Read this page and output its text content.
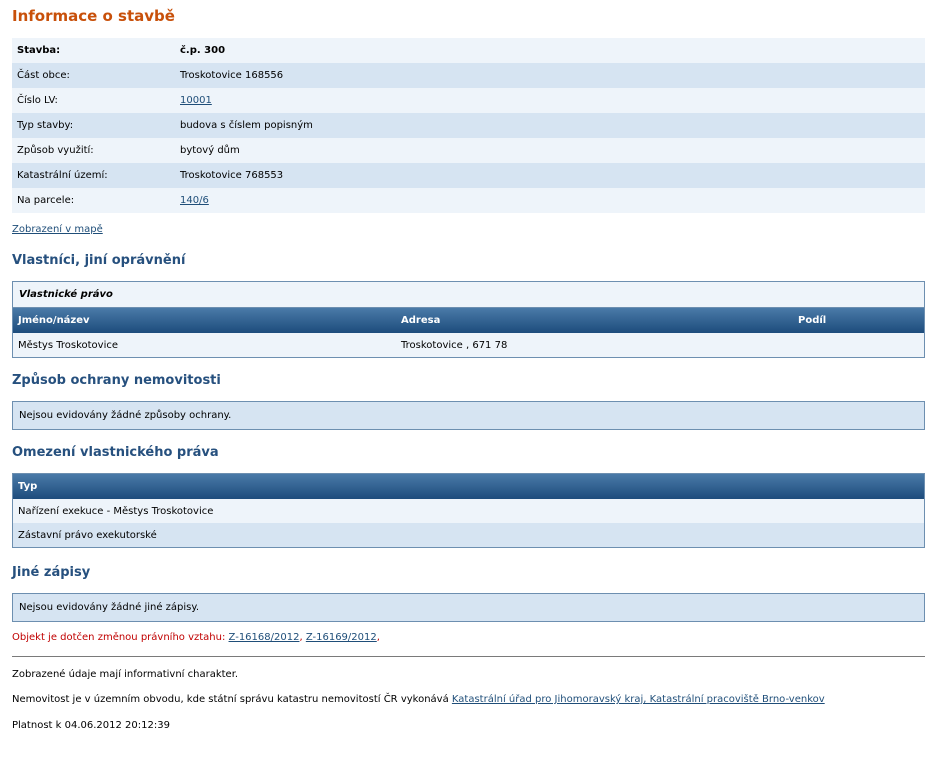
Informace o stavbě
Stavba:	č.p. 300
Část obce:	Troskotovice 168556
Číslo LV:	10001
Typ stavby:	budova s číslem popisným
Způsob využití:	bytový dům
Katastrální území:	Troskotovice 768553
Na parcele:	140/6
Zobrazení v mapě
Vlastníci, jiní oprávnění
Vlastnické právo
Jméno/název	Adresa	Podíl
Městys Troskotovice	Troskotovice , 671 78	
Způsob ochrany nemovitosti
Nejsou evidovány žádné způsoby ochrany.
Omezení vlastnického práva
Typ
Nařízení exekuce - Městys Troskotovice
Zástavní právo exekutorské
Jiné zápisy
Nejsou evidovány žádné jiné zápisy.
Objekt je dotčen změnou právního vztahu: Z-16168/2012, Z-16169/2012,
Zobrazené údaje mají informativní charakter.
Nemovitost je v územním obvodu, kde státní správu katastru nemovitostí ČR vykonává Katastrální úřad pro Jihomoravský kraj, Katastrální pracoviště Brno-venkov
Platnost k 04.06.2012 20:12:39
